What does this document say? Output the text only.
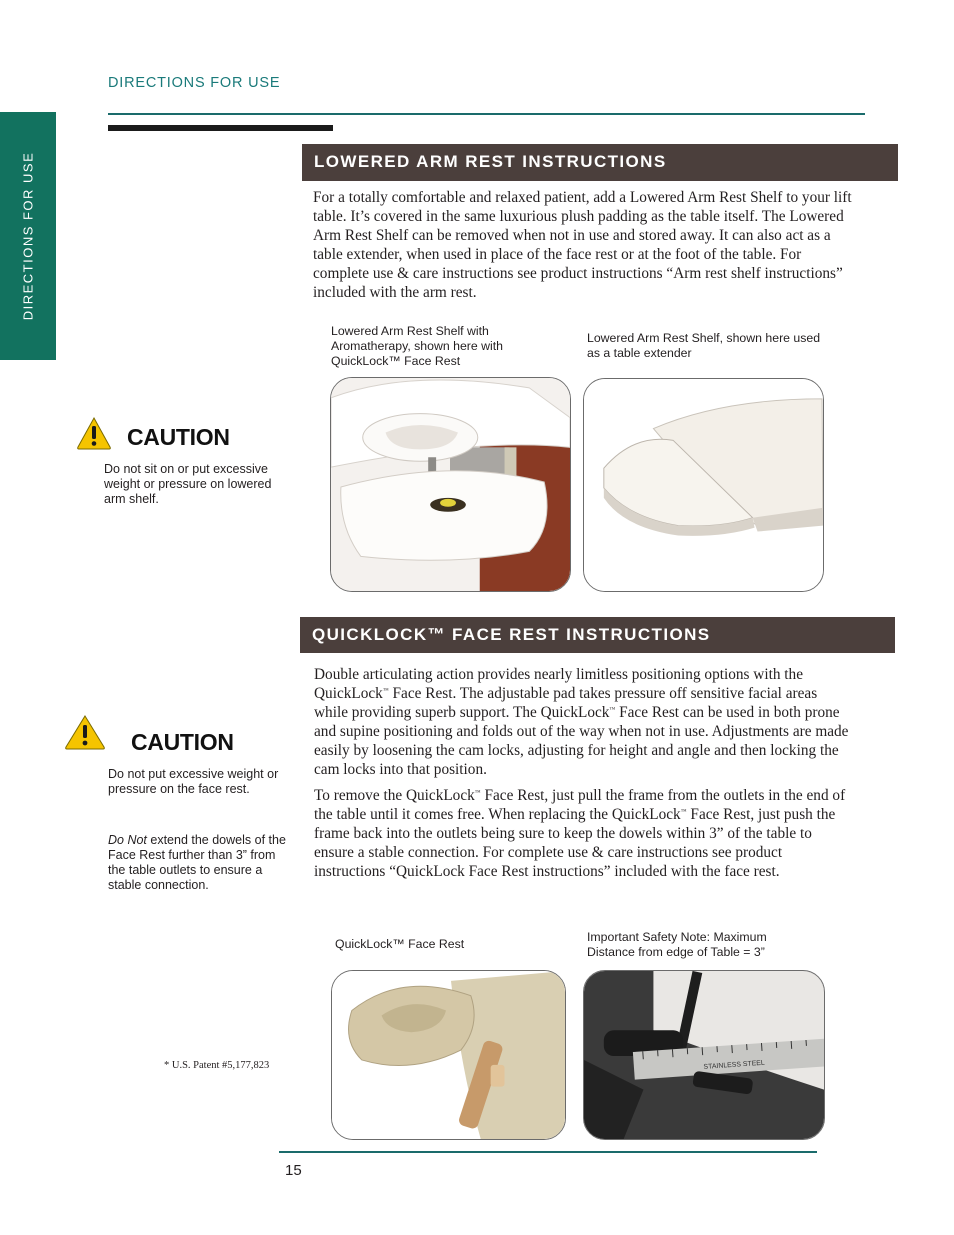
DIRECTIONS FOR USE
DIRECTIONS FOR USE	LOWERED ARM REST INSTRUCTIONS

For a totally comfortable and relaxed patient, add a Lowered Arm Rest Shelf to your lift table. It’s covered in the same luxurious plush padding as the table itself. The Lowered Arm Rest Shelf can be removed when not in use and stored away. It can also act as a table extender, when used in place of the face rest or at the foot of the table. For complete use & care instructions see product instructions “Arm rest shelf instructions” included with the arm rest.

Lowered Arm Rest Shelf with Aromatherapy, shown here with QuickLock™ Face Rest
Lowered Arm Rest Shelf, shown here used as a table extender
CAUTION
Do not sit on or put excessive weight or pressure on lowered arm shelf.
QUICKLOCK™ FACE REST INSTRUCTIONS

Double articulating action provides nearly limitless positioning options with the QuickLock™ Face Rest. The adjustable pad takes pressure off sensitive facial areas while providing superb support. The QuickLock™ Face Rest can be used in both prone and supine positioning and folds out of the way when not in use. Adjustments are made easily by loosening the cam locks, adjusting for height and angle and then locking the cam locks into that position.

To remove the QuickLock™ Face Rest, just pull the frame from the outlets in the end of the table until it comes free. When replacing the QuickLock™ Face Rest, just push the frame back into the outlets being sure to keep the dowels within 3” of the table to ensure a stable connection. For complete use & care instructions see product instructions “QuickLock Face Rest instructions” included with the face rest.

QuickLock™ Face Rest	Important Safety Note: Maximum Distance from edge of Table = 3”
STAINLESS STEEL
CAUTION
Do not put excessive weight or pressure on the face rest.
Do Not extend the dowels of the Face Rest further than 3” from the table outlets to ensure a stable connection.
* U.S. Patent #5,177,823
15
